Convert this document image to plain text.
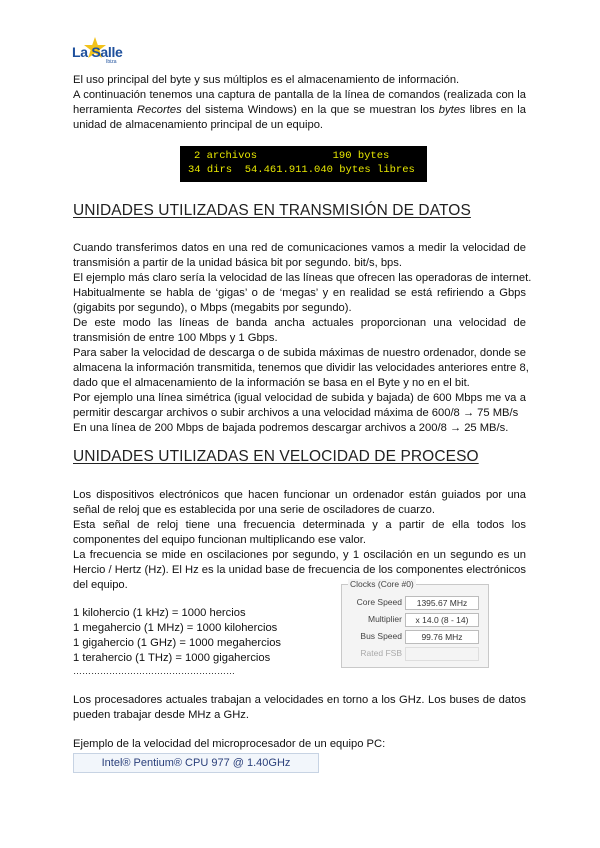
La Salle
Ibiza
El uso principal del byte y sus múltiplos es el almacenamiento de información.
A continuación tenemos una captura de pantalla de la línea de comandos (realizada con la
herramienta Recortes del sistema Windows) en la que se muestran los bytes libres en la
unidad de almacenamiento principal de un equipo.
2 archivos            190 bytes
34 dirs  54.461.911.040 bytes libres
UNIDADES UTILIZADAS EN TRANSMISIÓN DE DATOS
Cuando transferimos datos en una red de comunicaciones vamos a medir la velocidad de
transmisión a partir de la unidad básica bit por segundo. bit/s, bps.
El ejemplo más claro sería la velocidad de las líneas que ofrecen las operadoras de internet.
Habitualmente se habla de ‘gigas’ o de ‘megas’ y en realidad se está refiriendo a Gbps
(gigabits por segundo), o Mbps (megabits por segundo).
De este modo las líneas de banda ancha actuales proporcionan una velocidad de
transmisión de entre 100 Mbps y 1 Gbps.
Para saber la velocidad de descarga o de subida máximas de nuestro ordenador, donde se
almacena la información transmitida, tenemos que dividir las velocidades anteriores entre 8,
dado que el almacenamiento de la información se basa en el Byte y no en el bit.
Por ejemplo una línea simétrica (igual velocidad de subida y bajada) de 600 Mbps me va a
permitir descargar archivos o subir archivos a una velocidad máxima de 600/8 → 75 MB/s
En una línea de 200 Mbps de bajada podremos descargar archivos a 200/8 → 25 MB/s.
UNIDADES UTILIZADAS EN VELOCIDAD DE PROCESO
Los dispositivos electrónicos que hacen funcionar un ordenador están guiados por una
señal de reloj que es establecida por una serie de osciladores de cuarzo.
Esta señal de reloj tiene una frecuencia determinada y a partir de ella todos los
componentes del equipo funcionan multiplicando ese valor.
La frecuencia se mide en oscilaciones por segundo, y 1 oscilación en un segundo es un
Hercio / Hertz (Hz). El Hz es la unidad base de frecuencia de los componentes electrónicos
del equipo.
1 kilohercio (1 kHz) = 1000 hercios
1 megahercio (1 MHz) = 1000 kilohercios
1 gigahercio (1 GHz) = 1000 megahercios
1 terahercio (1 THz) = 1000 gigahercios
………………………………………………
Clocks (Core #0)
Core Speed	1395.67 MHz
Multiplier	x 14.0 (8 - 14)
Bus Speed	99.76 MHz
Rated FSB
Los procesadores actuales trabajan a velocidades en torno a los GHz. Los buses de datos
pueden trabajar desde MHz a GHz.
Ejemplo de la velocidad del microprocesador de un equipo PC:
Intel® Pentium® CPU 977 @ 1.40GHz
